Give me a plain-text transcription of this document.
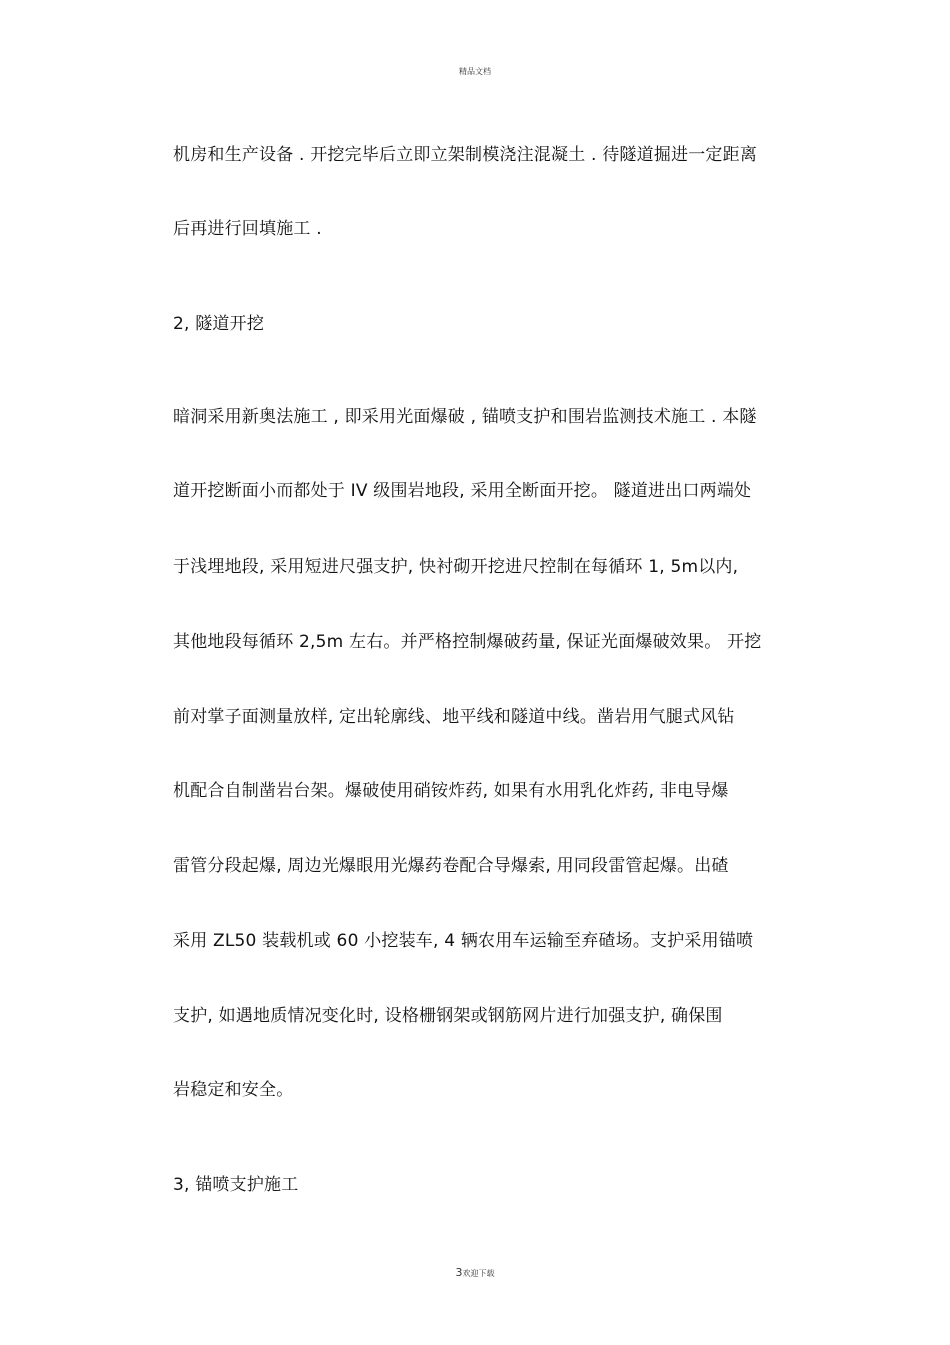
精品文档
机房和生产设备 . 开挖完毕后立即立架制模浇注混凝土 . 待隧道掘进一定距离
后再进行回填施工 .
2, 隧道开挖
暗洞采用新奥法施工 , 即采用光面爆破 , 锚喷支护和围岩监测技术施工 . 本隧
道开挖断面小而都处于 IV 级围岩地段, 采用全断面开挖。 隧道进出口两端处
于浅埋地段, 采用短进尺强支护, 快衬砌开挖进尺控制在每循环 1, 5m以内,
其他地段每循环 2,5m 左右。并严格控制爆破药量, 保证光面爆破效果。 开挖
前对掌子面测量放样, 定出轮廓线、地平线和隧道中线。凿岩用气腿式风钻
机配合自制凿岩台架。爆破使用硝铵炸药, 如果有水用乳化炸药, 非电导爆
雷管分段起爆, 周边光爆眼用光爆药卷配合导爆索, 用同段雷管起爆。出碴
采用 ZL50 装载机或 60 小挖装车, 4 辆农用车运输至弃碴场。支护采用锚喷
支护, 如遇地质情况变化时, 设格栅钢架或钢筋网片进行加强支护, 确保围
岩稳定和安全。
3, 锚喷支护施工
3欢迎下载
